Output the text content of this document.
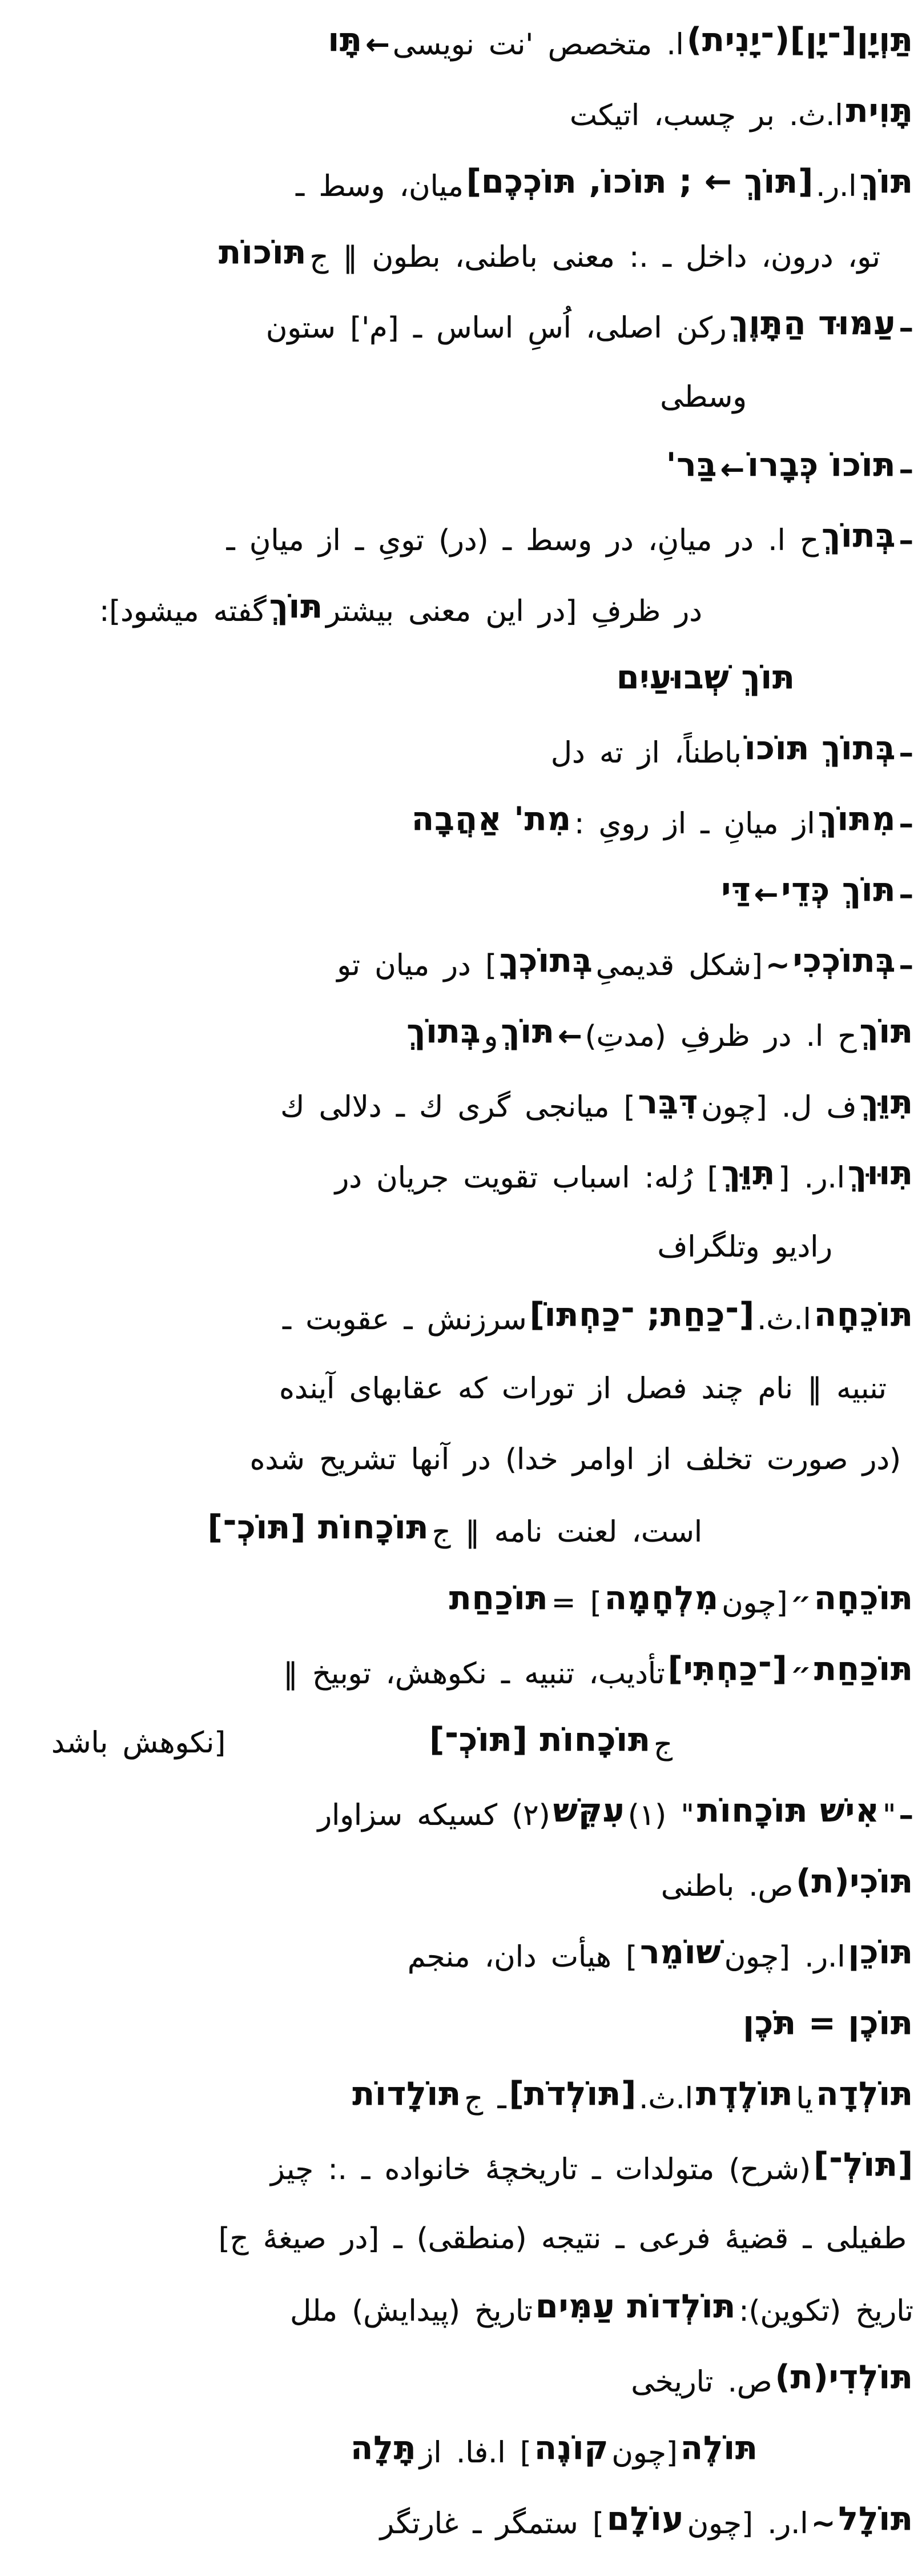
תַּוְיָן[־יָן](־יָנִית) ا. متخصص 'نت نويسى ← תָּו
תָּוִית ا.ث. بر چسب، اتيكت
תּוֹךְ ا.ر. [תּוֹךְ ← ; תּוֹכוֹ, תּוֹכְכֶם] ميان، وسط ـ
تو، درون، داخل ـ .: معنى باطنى، بطون ‖ ج תּוֹכוֹת
– עַמּוּד הַתָּוֶךְ ركن اصلى، اُسِ اساس ـ [م'] ستون
وسطى
– תּוֹכוֹ כְּבָרוֹ ← בַּר'
– בְּתוֹךְ ح ا. در ميانِ، در وسط ـ (در) توىِ ـ از ميانِ ـ
در ظرفِ [در اين معنى بيشتر תּוֹךְ گفته ميشود]:
תּוֹךְ שְׁבוּעַיִם
– בְּתוֹךְ תּוֹכוֹ باطناً، از ته دل
– מִתּוֹךְ از ميانِ ـ از روىِ : מִת' אַהֲבָה
– תּוֹךְ כְּדֵי ← דַּי
– בְּתוֹכְכִי ~ [شكل قديمىِ בְּתוֹכְךָ ] در ميان تو
תּוֹךְ ح ا. در ظرفِ (مدتِ) ← תּוֹךְ و בְּתוֹךְ
תִּוֵּךְ ف ل. [چون דִּבֵּר ] ميانجى گرى ك ـ دلالى ك
תִּוּוּךְ ا.ر. [ תִּוֵּךְ ] رُله: اسباب تقويت جريان در
راديو وتلگراف
תּוֹכֵחָה ا.ث. [־כַחַת; ־כַחְתּוֹ] سرزنش ـ عقوبت ـ
تنبيه ‖ نام چند فصل از تورات كه عقابهاى آينده
(در صورت تخلف از اوامر خدا) در آنها تشريح شده
است، لعنت نامه ‖ ج תּוֹכָחוֹת [תּוֹכְ־]
תּוֹכֵחָה ״ [چون מִלְחָמָה ] = תּוֹכַחַת
תּוֹכַחַת ״ [־כַחְתִּי] تأديب، تنبيه ـ نكوهش، توبيخ ‖
ج תּוֹכָחוֹת [תּוֹכְ־]
[نكوهش باشد
– " אִישׁ תּוֹכָחוֹת " (١) עִקֵּשׁ (٢) كسيكه سزاوار
תּוֹכִי(ת) ص. باطنى
תּוֹכֵן ا.ر. [چون שׁוֹמֵר ] هيأت دان، منجم
תּוֹכֶן = תֹּכֶן
תּוֹלְדָה يا תּוֹלֶדֶת ا.ث. [תּוֹלְדֹת] ـ ج תּוֹלָדוֹת
[תּוֹלְ־] (شرح) متولدات ـ تاريخچۀ خانواده ـ .: چيز
طفيلى ـ قضيۀ فرعى ـ نتيجه (منطقى) ـ [در صيغۀ ج]
تاريخ (تكوين): תּוֹלְדוֹת עַמִּים تاريخ (پيدايش) ملل
תּוֹלְדִי(ת) ص. تاريخى
תּוֹלֶה [چون קוֹנֶה ] ا.فا. از תָּלָה
תּוֹלָל ~ ا.ر. [چون עוֹלָם ] ستمگر ـ غارتگر
